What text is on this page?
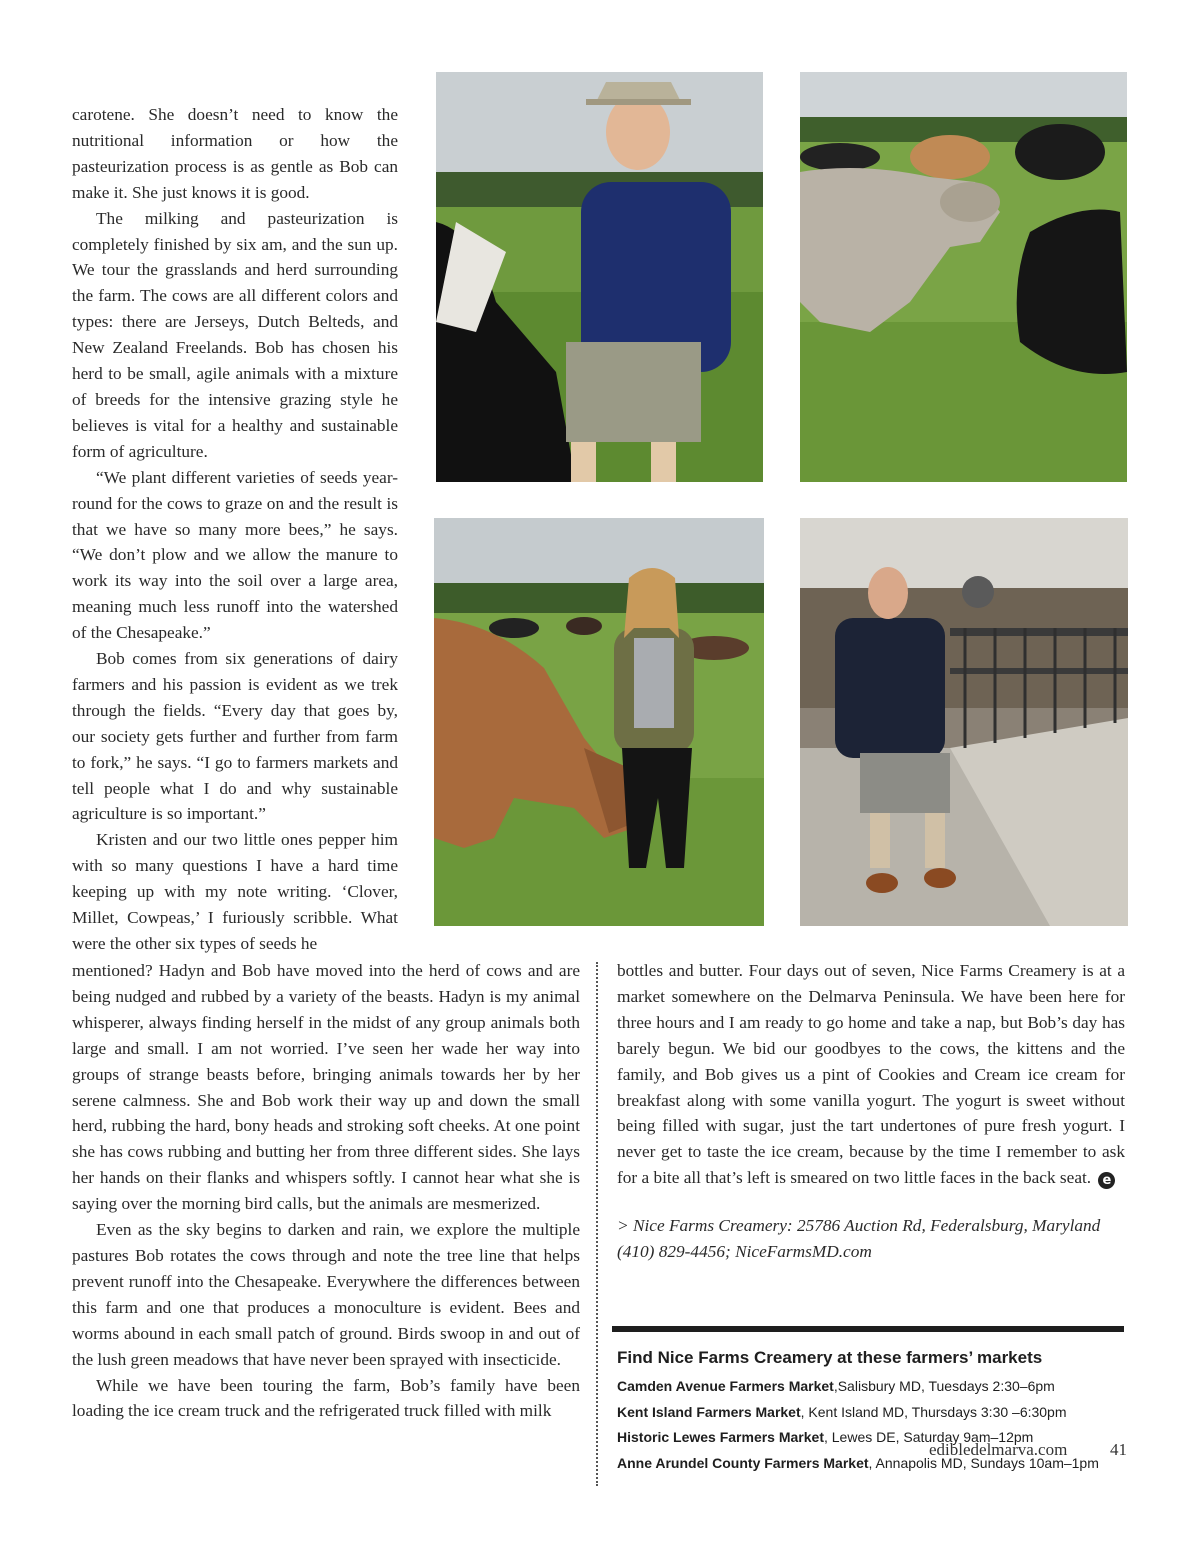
carotene. She doesn’t need to know the nutritional information or how the pasteurization process is as gentle as Bob can make it. She just knows it is good.

The milking and pasteurization is completely finished by six am, and the sun up. We tour the grasslands and herd surrounding the farm. The cows are all different colors and types: there are Jerseys, Dutch Belteds, and New Zealand Freelands. Bob has chosen his herd to be small, agile animals with a mixture of breeds for the intensive grazing style he believes is vital for a healthy and sustainable form of agriculture.

“We plant different varieties of seeds year-round for the cows to graze on and the result is that we have so many more bees,” he says. “We don’t plow and we allow the manure to work its way into the soil over a large area, meaning much less runoff into the watershed of the Chesapeake.”

Bob comes from six generations of dairy farmers and his passion is evident as we trek through the fields. “Every day that goes by, our society gets further and further from farm to fork,” he says. “I go to farmers markets and tell people what I do and why sustainable agriculture is so important.”

Kristen and our two little ones pepper him with so many questions I have a hard time keeping up with my note writing. ‘Clover, Millet, Cowpeas,’ I furiously scribble. What were the other six types of seeds he

mentioned? Hadyn and Bob have moved into the herd of cows and are being nudged and rubbed by a variety of the beasts. Hadyn is my animal whisperer, always finding herself in the midst of any group animals both large and small. I am not worried. I’ve seen her wade her way into groups of strange beasts before, bringing animals towards her by her serene calmness. She and Bob work their way up and down the small herd, rubbing the hard, bony heads and stroking soft cheeks. At one point she has cows rubbing and butting her from three different sides. She lays her hands on their flanks and whispers softly. I cannot hear what she is saying over the morning bird calls, but the animals are mesmerized.

Even as the sky begins to darken and rain, we explore the multiple pastures Bob rotates the cows through and note the tree line that helps prevent runoff into the Chesapeake. Everywhere the differences between this farm and one that produces a monoculture is evident. Bees and worms abound in each small patch of ground. Birds swoop in and out of the lush green meadows that have never been sprayed with insecticide.

While we have been touring the farm, Bob’s family have been loading the ice cream truck and the refrigerated truck filled with milk

bottles and butter. Four days out of seven, Nice Farms Creamery is at a market somewhere on the Delmarva Peninsula. We have been here for three hours and I am ready to go home and take a nap, but Bob’s day has barely begun. We bid our goodbyes to the cows, the kittens and the family, and Bob gives us a pint of Cookies and Cream ice cream for breakfast along with some vanilla yogurt. The yogurt is sweet without being filled with sugar, just the tart undertones of pure fresh yogurt. I never get to taste the ice cream, because by the time I remember to ask for a bite all that’s left is smeared on two little faces in the back seat. e

> Nice Farms Creamery: 25786 Auction Rd, Federalsburg, Maryland (410) 829-4456; NiceFarmsMD.com

Find Nice Farms Creamery at these farmers’ markets
Camden Avenue Farmers Market,Salisbury MD, Tuesdays 2:30–6pm
Kent Island Farmers Market, Kent Island MD, Thursdays 3:30 –6:30pm
Historic Lewes Farmers Market, Lewes DE, Saturday 9am–12pm
Anne Arundel County Farmers Market, Annapolis MD, Sundays 10am–1pm
edibledelmarva.com	41
